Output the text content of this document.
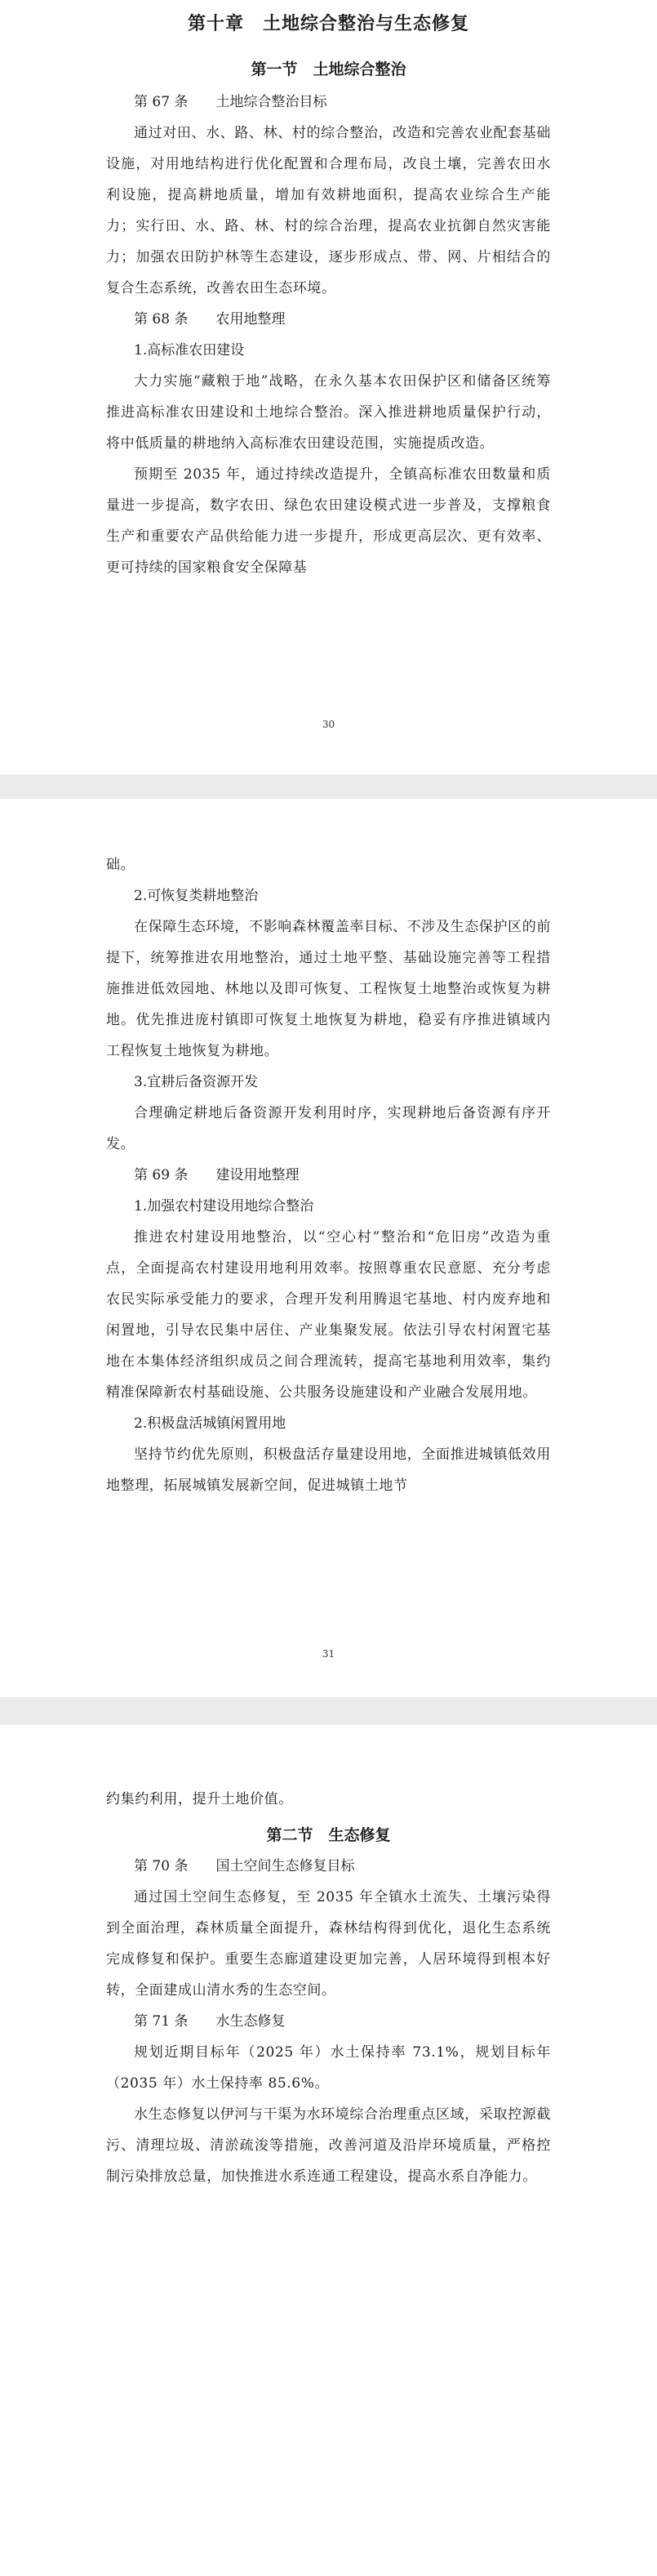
第十章　土地综合整治与生态修复
第一节　土地综合整治

第 67 条　　土地综合整治目标

通过对田、水、路、林、村的综合整治，改造和完善农业配套基础设施，对用地结构进行优化配置和合理布局，改良土壤，完善农田水利设施，提高耕地质量，增加有效耕地面积，提高农业综合生产能力；实行田、水、路、林、村的综合治理，提高农业抗御自然灾害能力；加强农田防护林等生态建设，逐步形成点、带、网、片相结合的复合生态系统，改善农田生态环境。

第 68 条　　农用地整理

1.高标准农田建设

大力实施“藏粮于地”战略，在永久基本农田保护区和储备区统筹推进高标准农田建设和土地综合整治。深入推进耕地质量保护行动，将中低质量的耕地纳入高标准农田建设范围，实施提质改造。

预期至 2035 年，通过持续改造提升，全镇高标准农田数量和质量进一步提高，数字农田、绿色农田建设模式进一步普及，支撑粮食生产和重要农产品供给能力进一步提升，形成更高层次、更有效率、更可持续的国家粮食安全保障基

30

础。

2.可恢复类耕地整治

在保障生态环境，不影响森林覆盖率目标、不涉及生态保护区的前提下，统筹推进农用地整治，通过土地平整、基础设施完善等工程措施推进低效园地、林地以及即可恢复、工程恢复土地整治或恢复为耕地。优先推进庞村镇即可恢复土地恢复为耕地，稳妥有序推进镇域内工程恢复土地恢复为耕地。

3.宜耕后备资源开发

合理确定耕地后备资源开发利用时序，实现耕地后备资源有序开发。

第 69 条　　建设用地整理

1.加强农村建设用地综合整治

推进农村建设用地整治，以“空心村”整治和“危旧房”改造为重点，全面提高农村建设用地利用效率。按照尊重农民意愿、充分考虑农民实际承受能力的要求，合理开发利用腾退宅基地、村内废弃地和闲置地，引导农民集中居住、产业集聚发展。依法引导农村闲置宅基地在本集体经济组织成员之间合理流转，提高宅基地利用效率，集约精准保障新农村基础设施、公共服务设施建设和产业融合发展用地。

2.积极盘活城镇闲置用地

坚持节约优先原则，积极盘活存量建设用地，全面推进城镇低效用地整理，拓展城镇发展新空间，促进城镇土地节

31

约集约利用，提升土地价值。

第二节　生态修复

第 70 条　　国土空间生态修复目标

通过国土空间生态修复，至 2035 年全镇水土流失、土壤污染得到全面治理，森林质量全面提升，森林结构得到优化，退化生态系统完成修复和保护。重要生态廊道建设更加完善，人居环境得到根本好转，全面建成山清水秀的生态空间。

第 71 条　　水生态修复

规划近期目标年（2025 年）水土保持率 73.1%，规划目标年（2035 年）水土保持率 85.6%。

水生态修复以伊河与干渠为水环境综合治理重点区域，采取控源截污、清理垃圾、清淤疏浚等措施，改善河道及沿岸环境质量，严格控制污染排放总量，加快推进水系连通工程建设，提高水系自净能力。
